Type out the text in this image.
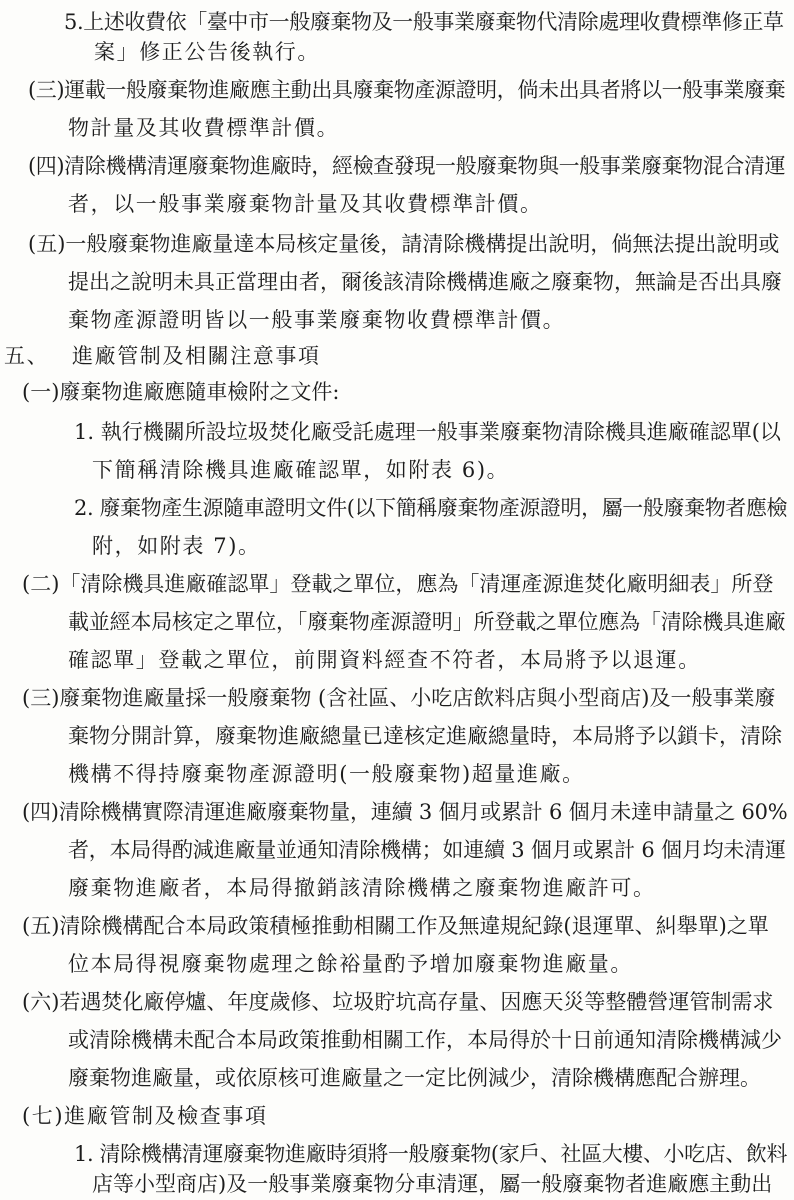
5.上述收費依「臺中市一般廢棄物及一般事業廢棄物代清除處理收費標準修正草
案」修正公告後執行。
(三)運載一般廢棄物進廠應主動出具廢棄物產源證明，倘未出具者將以一般事業廢棄
物計量及其收費標準計價。
(四)清除機構清運廢棄物進廠時，經檢查發現一般廢棄物與一般事業廢棄物混合清運
者，以一般事業廢棄物計量及其收費標準計價。
(五)一般廢棄物進廠量達本局核定量後，請清除機構提出說明，倘無法提出說明或
提出之說明未具正當理由者，爾後該清除機構進廠之廢棄物，無論是否出具廢
棄物產源證明皆以一般事業廢棄物收費標準計價。
五、 進廠管制及相關注意事項
(一)廢棄物進廠應隨車檢附之文件:
1. 執行機關所設垃圾焚化廠受託處理一般事業廢棄物清除機具進廠確認單(以
下簡稱清除機具進廠確認單，如附表 6)。
2. 廢棄物產生源隨車證明文件(以下簡稱廢棄物產源證明，屬一般廢棄物者應檢
附，如附表 7)。
(二)「清除機具進廠確認單」登載之單位，應為「清運產源進焚化廠明細表」所登
載並經本局核定之單位，「廢棄物產源證明」所登載之單位應為「清除機具進廠
確認單」登載之單位，前開資料經查不符者，本局將予以退運。
(三)廢棄物進廠量採一般廢棄物 (含社區、小吃店飲料店與小型商店)及一般事業廢
棄物分開計算，廢棄物進廠總量已達核定進廠總量時，本局將予以鎖卡，清除
機構不得持廢棄物產源證明(一般廢棄物)超量進廠。
(四)清除機構實際清運進廠廢棄物量，連續 3 個月或累計 6 個月未達申請量之 60%
者，本局得酌減進廠量並通知清除機構；如連續 3 個月或累計 6 個月均未清運
廢棄物進廠者，本局得撤銷該清除機構之廢棄物進廠許可。
(五)清除機構配合本局政策積極推動相關工作及無違規紀錄(退運單、糾舉單)之單
位本局得視廢棄物處理之餘裕量酌予增加廢棄物進廠量。
(六)若遇焚化廠停爐、年度歲修、垃圾貯坑高存量、因應天災等整體營運管制需求
或清除機構未配合本局政策推動相關工作，本局得於十日前通知清除機構減少
廢棄物進廠量，或依原核可進廠量之一定比例減少，清除機構應配合辦理。
(七)進廠管制及檢查事項
1. 清除機構清運廢棄物進廠時須將一般廢棄物(家戶、社區大樓、小吃店、飲料
店等小型商店)及一般事業廢棄物分車清運，屬一般廢棄物者進廠應主動出
